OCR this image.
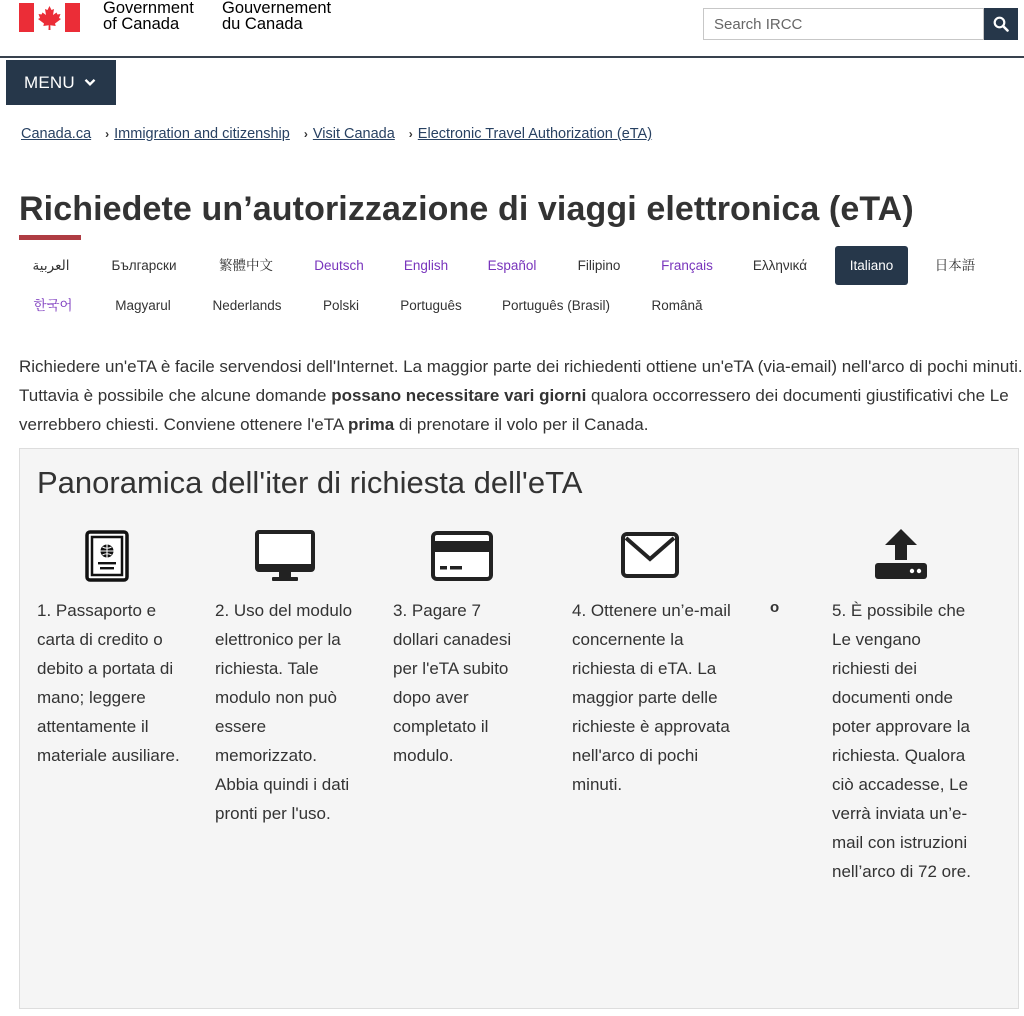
Government
of Canada
Gouvernement
du Canada
Search IRCC
MENU
Canada.ca › Immigration and citizenship › Visit Canada › Electronic Travel Authorization (eTA)
Richiedete un’autorizzazione di viaggi elettronica (eTA)
العربية	Български	繁體中文	Deutsch	English	Español	Filipino	Français	Ελληνικά	Italiano	日本語
한국어	Magyarul	Nederlands	Polski	Português	Português (Brasil)	Română

Richiedere un'eTA è facile servendosi dell'Internet. La maggior parte dei richiedenti ottiene un'eTA (via-email) nell'arco di pochi minuti. Tuttavia è possibile che alcune domande possano necessitare vari giorni qualora occorressero dei documenti giustificativi che Le verrebbero chiesti. Conviene ottenere l'eTA prima di prenotare il volo per il Canada.

Panoramica dell'iter di richiesta dell'eTA

1. Passaporto e carta di credito o debito a portata di mano; leggere attentamente il materiale ausiliare.

2. Uso del modulo elettronico per la richiesta. Tale modulo non può essere memorizzato. Abbia quindi i dati pronti per l'uso.

3. Pagare 7 dollari canadesi per l'eTA subito dopo aver completato il modulo.

4. Ottenere un’e-mail concernente la richiesta di eTA. La maggior parte delle richieste è approvata nell'arco di pochi minuti.

o	5. È possibile che Le vengano richiesti dei documenti onde poter approvare la richiesta. Qualora ciò accadesse, Le verrà inviata un’e-mail con istruzioni nell’arco di 72 ore.
